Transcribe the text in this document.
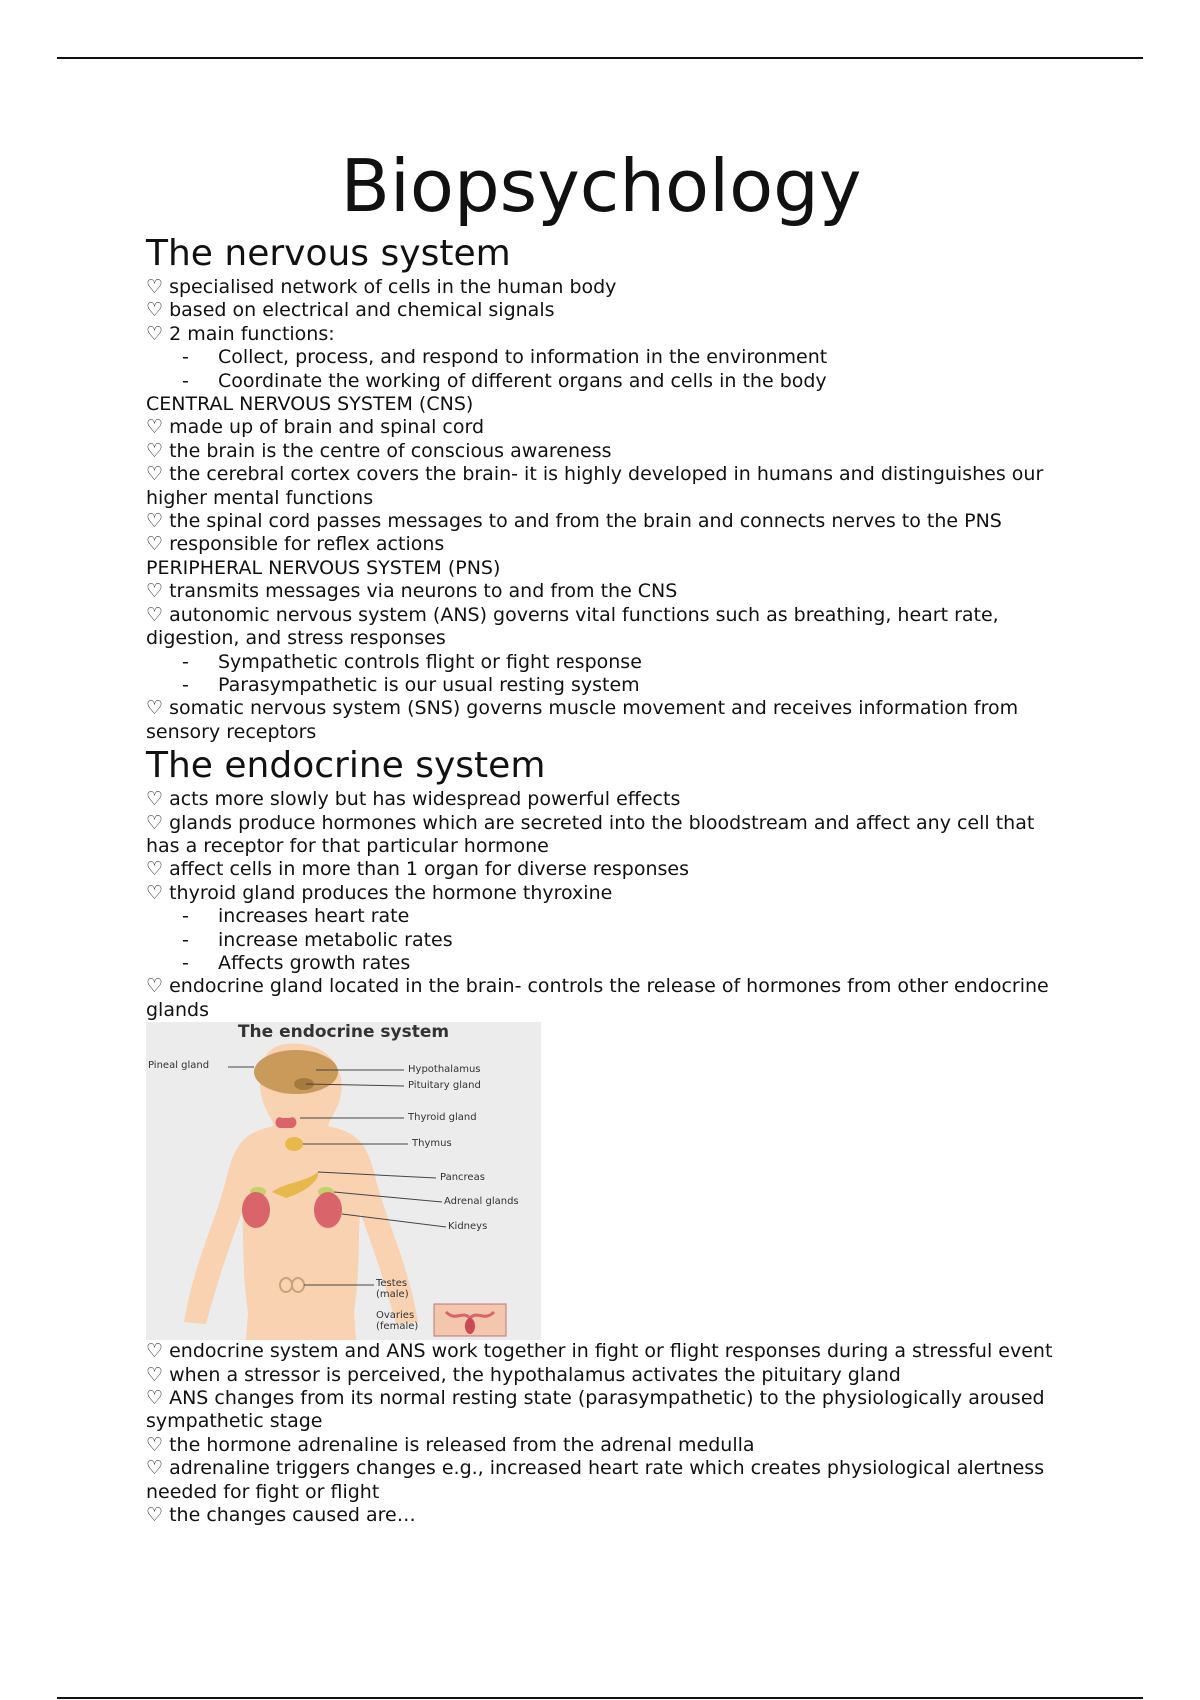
Biopsychology
The nervous system
♡ specialised network of cells in the human body
♡ based on electrical and chemical signals
♡ 2 main functions:
-	Collect, process, and respond to information in the environment
-	Coordinate the working of different organs and cells in the body
CENTRAL NERVOUS SYSTEM (CNS)
♡ made up of brain and spinal cord
♡ the brain is the centre of conscious awareness
♡ the cerebral cortex covers the brain- it is highly developed in humans and distinguishes our higher mental functions
♡ the spinal cord passes messages to and from the brain and connects nerves to the PNS
♡ responsible for reflex actions
PERIPHERAL NERVOUS SYSTEM (PNS)
♡ transmits messages via neurons to and from the CNS
♡ autonomic nervous system (ANS) governs vital functions such as breathing, heart rate, digestion, and stress responses
-	Sympathetic controls flight or fight response
-	Parasympathetic is our usual resting system
♡ somatic nervous system (SNS) governs muscle movement and receives information from sensory receptors
The endocrine system
♡ acts more slowly but has widespread powerful effects
♡ glands produce hormones which are secreted into the bloodstream and affect any cell that has a receptor for that particular hormone
♡ affect cells in more than 1 organ for diverse responses
♡ thyroid gland produces the hormone thyroxine
-	increases heart rate
-	increase metabolic rates
-	Affects growth rates
♡ endocrine gland located in the brain- controls the release of hormones from other endocrine glands
The endocrine system
Pineal gland	Hypothalamus
Pituitary gland
Thyroid gland
Thymus
Pancreas
Adrenal glands
Kidneys
Testes
(male)
Ovaries
(female)
♡ endocrine system and ANS work together in fight or flight responses during a stressful event
♡ when a stressor is perceived, the hypothalamus activates the pituitary gland
♡ ANS changes from its normal resting state (parasympathetic) to the physiologically aroused sympathetic stage
♡ the hormone adrenaline is released from the adrenal medulla
♡ adrenaline triggers changes e.g., increased heart rate which creates physiological alertness needed for fight or flight
♡ the changes caused are…
